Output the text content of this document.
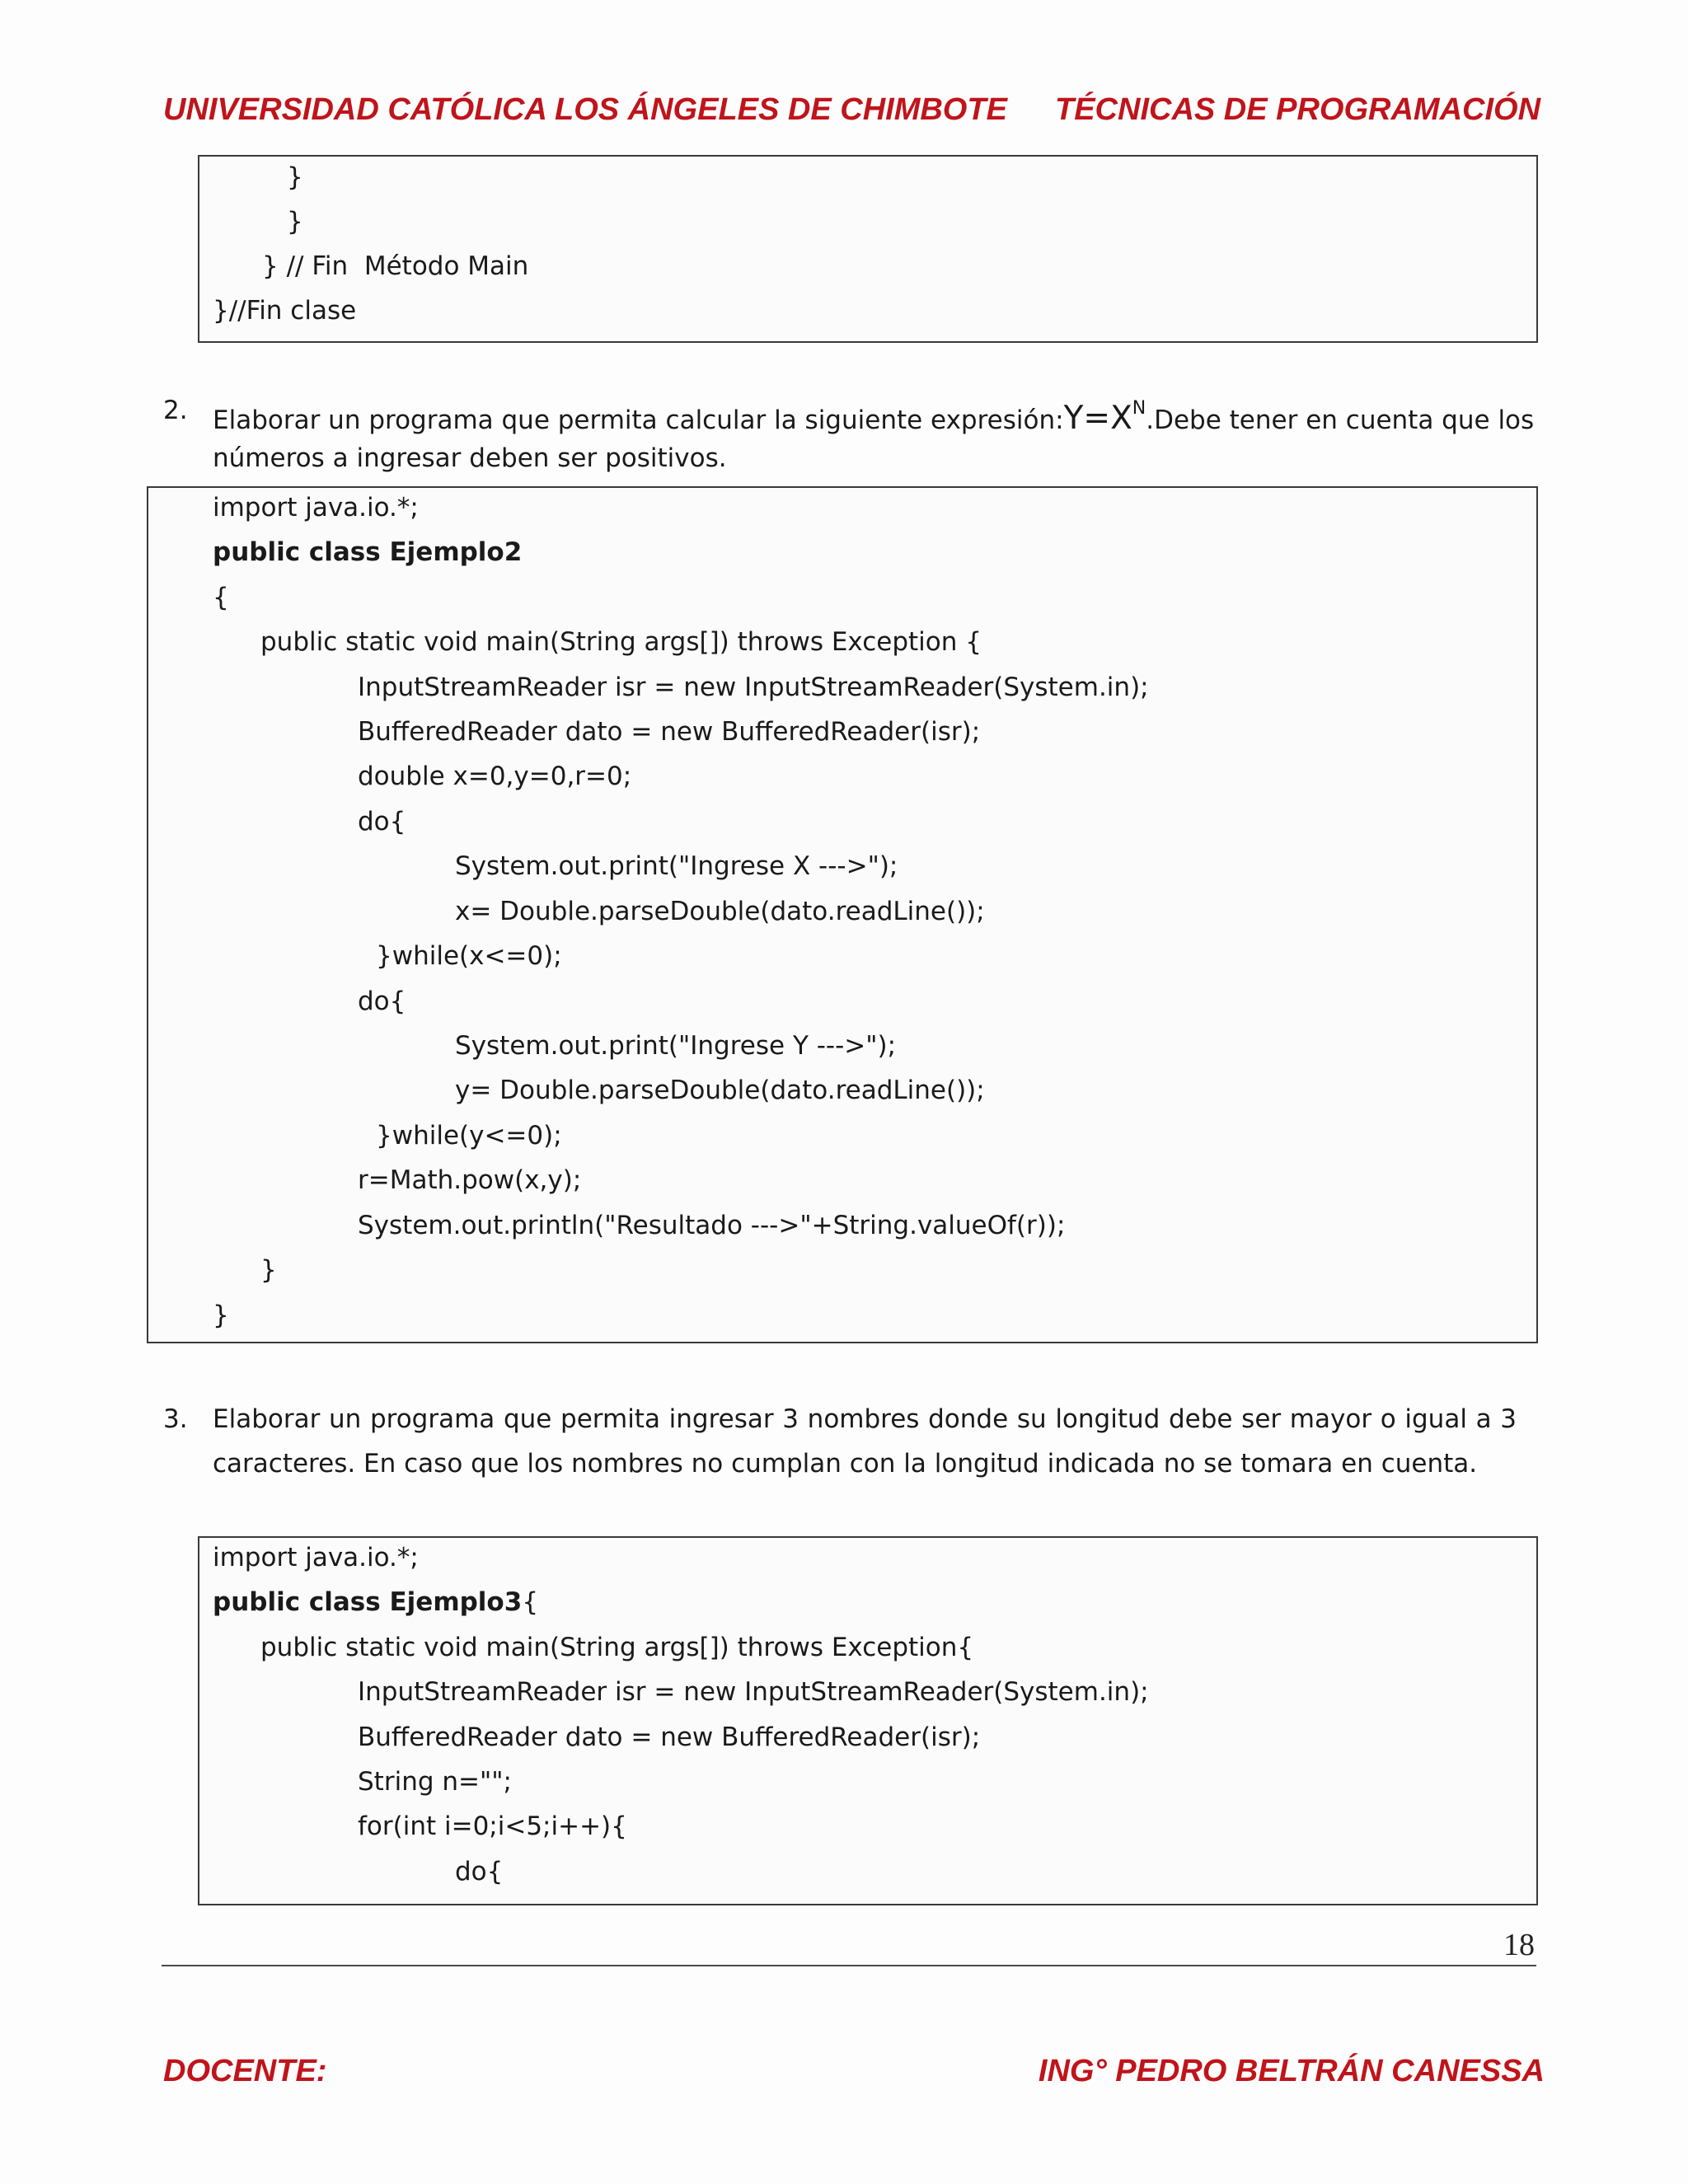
UNIVERSIDAD CATÓLICA LOS ÁNGELES DE CHIMBOTE TÉCNICAS DE PROGRAMACIÓN
}
}
} // Fin  Método Main
}//Fin clase
2. Elaborar un programa que permita calcular la siguiente expresión: $Y=X^N$ .Debe tener en cuenta que los
números a ingresar deben ser positivos.
import java.io.*;
public class Ejemplo2
{
public static void main(String args[]) throws Exception {
InputStreamReader isr = new InputStreamReader(System.in);
BufferedReader dato = new BufferedReader(isr);
double x=0,y=0,r=0;
do{
System.out.print("Ingrese X --->");
x= Double.parseDouble(dato.readLine());
}while(x<=0);
do{
System.out.print("Ingrese Y --->");
y= Double.parseDouble(dato.readLine());
}while(y<=0);
r=Math.pow(x,y);
System.out.println("Resultado --->"+String.valueOf(r));
}
}
3. Elaborar un programa que permita ingresar 3 nombres donde su longitud debe ser mayor o igual a 3
caracteres. En caso que los nombres no cumplan con la longitud indicada no se tomara en cuenta.
import java.io.*;
public class Ejemplo3{
public static void main(String args[]) throws Exception{
InputStreamReader isr = new InputStreamReader(System.in);
BufferedReader dato = new BufferedReader(isr);
String n="";
for(int i=0;i<5;i++){
do{
18
DOCENTE:	ING° PEDRO BELTRÁN CANESSA
